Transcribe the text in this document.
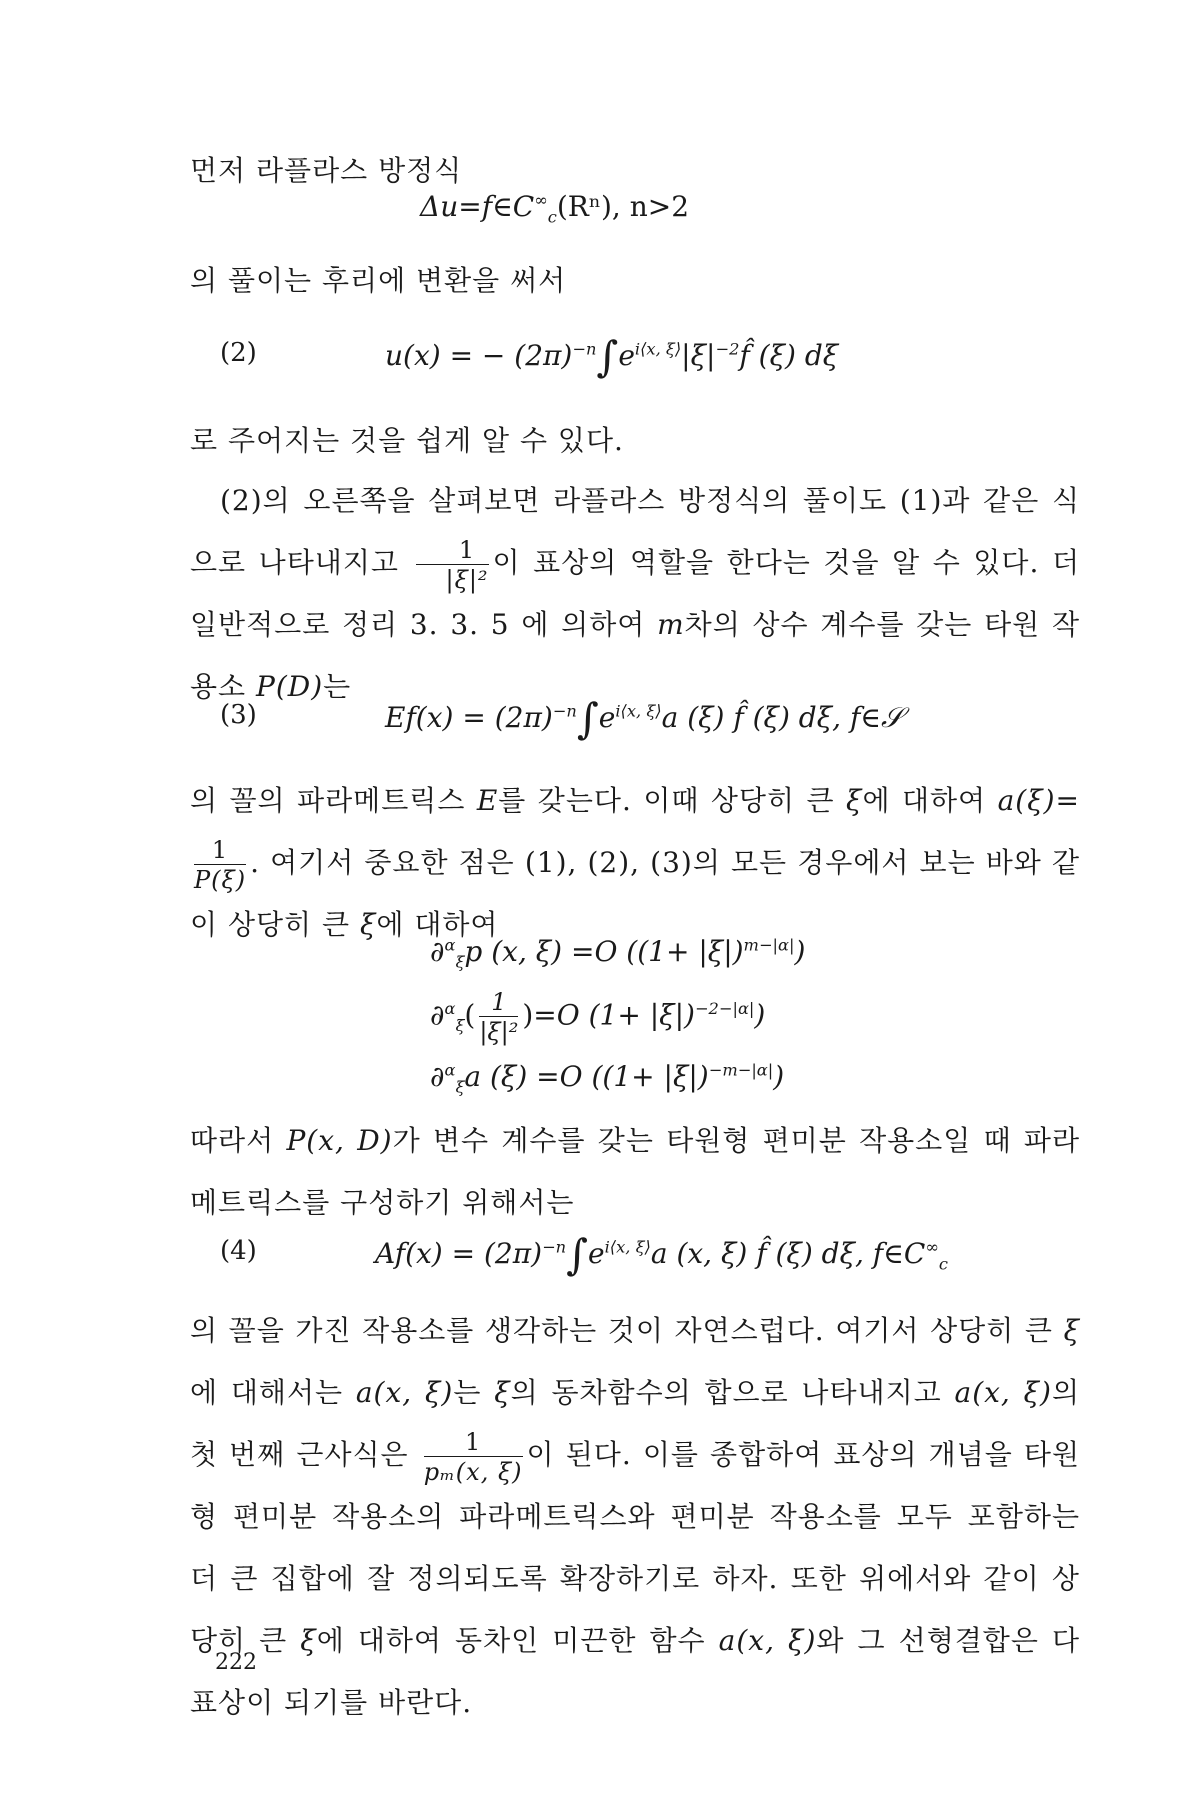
먼저 라플라스 방정식
$\Delta u=f\in C^\infty_c(R^n)$, n>2
의 풀이는 후리에 변환을 써서
(2)	u(x) = − $(2\pi)^{-n}\int e^{i⟨x, \xi⟩}|\xi|^{-2}f̂$ (ξ) dξ
로 주어지는 것을 쉽게 알 수 있다.
(2)의 오른쪽을 살펴보면 라플라스 방정식의 풀이도 (1)과 같은 식으로 나타내지고 $\frac{1}{\text{|ξ|²}}$ 이 표상의 역할을 한다는 것을 알 수 있다. 더 일반적으로 정리 3. 3. 5 에 의하여 m차의 상수 계수를 갖는 타원 작용소 P(D)는
(3)	$Ef(x) = (2\pi)^{-n}\int e^{i⟨x, \xi⟩}a$ (ξ) f̂ (ξ) dξ, f∈𝒮
의 꼴의 파라메트릭스 E를 갖는다. 이때 상당히 큰 ξ에 대하여 a(ξ)=
$\frac{1}{P(\xi)}$ . 여기서 중요한 점은 (1), (2), (3)의 모든 경우에서 보는 바와 같이 상당히 큰 ξ에 대하여
∂$^\alpha_\xi$p (x, ξ) =O $((1+ |\xi|)^{m-|\alpha|})$
$\partial^\alpha_\xi( \frac{1}{\text{|ξ|²}} )=O$ $(1+ |\xi|)^{-2-|\alpha|}$)
∂$^\alpha_\xi$a (ξ) =O $((1+ |\xi|)^{-m-|\alpha|})$
따라서 P(x, D)가 변수 계수를 갖는 타원형 편미분 작용소일 때 파라메트릭스를 구성하기 위해서는
(4)	$Af(x) = (2\pi)^{-n}\int e^{i⟨x, \xi⟩}a$ (x, ξ) f̂ (ξ) dξ, $f\in C^\infty_c$
의 꼴을 가진 작용소를 생각하는 것이 자연스럽다. 여기서 상당히 큰 ξ 에 대해서는 a(x, ξ)는 ξ의 동차함수의 합으로 나타내지고 a(x, ξ)의 첫 번째 근사식은 $\frac{1}{\text{pₘ(x, ξ)}}$ 이 된다. 이를 종합하여 표상의 개념을 타원형 편미분 작용소의 파라메트릭스와 편미분 작용소를 모두 포함하는 더 큰 집합에 잘 정의되도록 확장하기로 하자. 또한 위에서와 같이 상당히 큰 ξ에 대하여 동차인 미끈한 함수 a(x, ξ)와 그 선형결합은 다 표상이 되기를 바란다.
222
